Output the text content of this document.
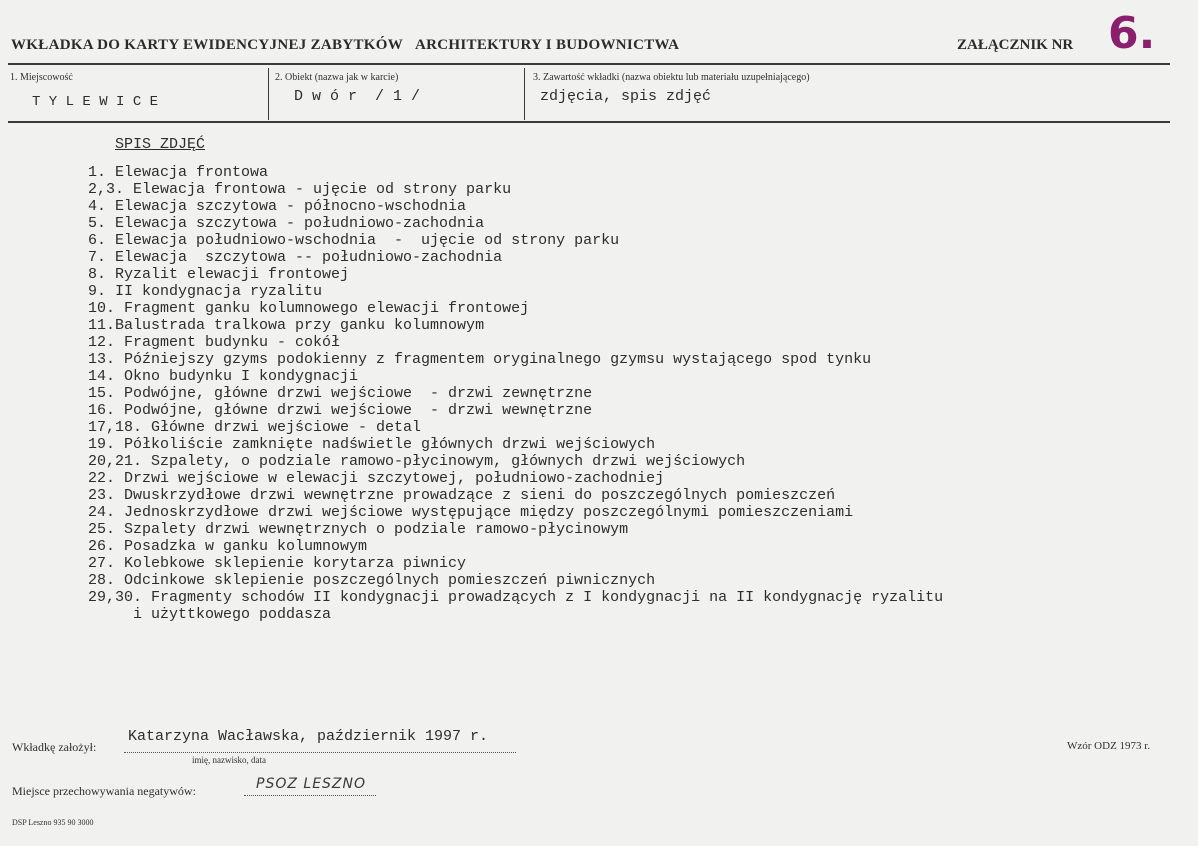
WKŁADKA DO KARTY EWIDENCYJNEJ ZABYTKÓW ARCHITEKTURY I BUDOWNICTWA	ZAŁĄCZNIK NR 6.
1. Miejscowość	2. Obiekt (nazwa jak w karcie)	3. Zawartość wkładki (nazwa obiektu lub materiału uzupełniającego)
T Y L E W I C E	D w ó r  / 1 /	zdjęcia, spis zdjęć
SPIS ZDJĘĆ
1. Elewacja frontowa
2,3. Elewacja frontowa - ujęcie od strony parku
4. Elewacja szczytowa - północno-wschodnia
5. Elewacja szczytowa - południowo-zachodnia
6. Elewacja południowo-wschodnia  -  ujęcie od strony parku
7. Elewacja  szczytowa -- południowo-zachodnia
8. Ryzalit elewacji frontowej
9. II kondygnacja ryzalitu
10. Fragment ganku kolumnowego elewacji frontowej
11.Balustrada tralkowa przy ganku kolumnowym
12. Fragment budynku - cokół
13. Późniejszy gzyms podokienny z fragmentem oryginalnego gzymsu wystającego spod tynku
14. Okno budynku I kondygnacji
15. Podwójne, główne drzwi wejściowe  - drzwi zewnętrzne
16. Podwójne, główne drzwi wejściowe  - drzwi wewnętrzne
17,18. Główne drzwi wejściowe - detal
19. Półkoliście zamknięte nadświetle głównych drzwi wejściowych
20,21. Szpalety, o podziale ramowo-płycinowym, głównych drzwi wejściowych
22. Drzwi wejściowe w elewacji szczytowej, południowo-zachodniej
23. Dwuskrzydłowe drzwi wewnętrzne prowadzące z sieni do poszczególnych pomieszczeń
24. Jednoskrzydłowe drzwi wejściowe występujące między poszczególnymi pomieszczeniami
25. Szpalety drzwi wewnętrznych o podziale ramowo-płycinowym
26. Posadzka w ganku kolumnowym
27. Kolebkowe sklepienie korytarza piwnicy
28. Odcinkowe sklepienie poszczególnych pomieszczeń piwnicznych
29,30. Fragmenty schodów II kondygnacji prowadzących z I kondygnacji na II kondygnację ryzalitu
i użyttkowego poddasza
Wkładkę założył:
Katarzyna Wacławska, październik 1997 r.
imię, nazwisko, data
Wzór ODZ 1973 r.
Miejsce przechowywania negatywów:	PSOZ LESZNO
DSP Leszno 935 90 3000
